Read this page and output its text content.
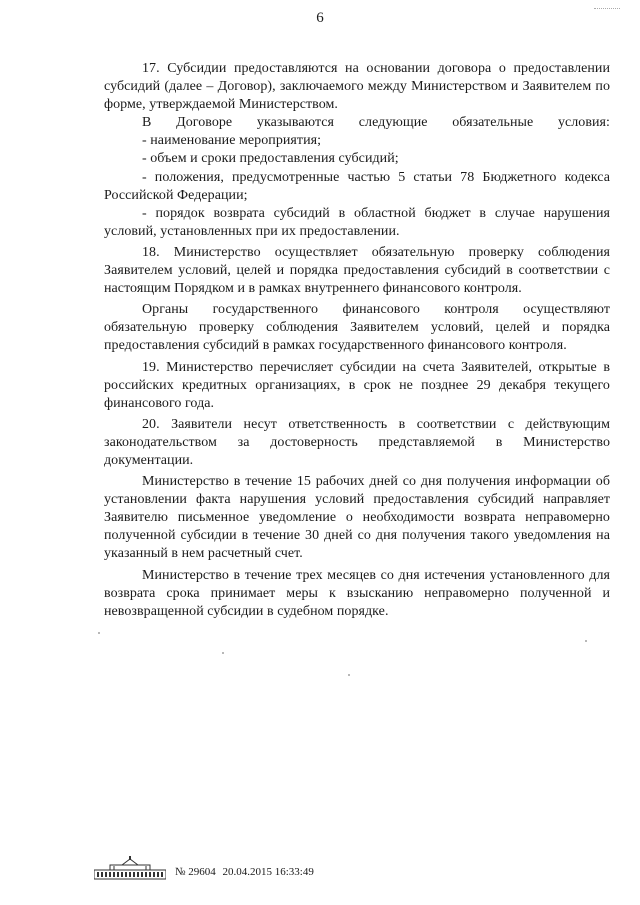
6

17. Субсидии предоставляются на основании договора о предоставлении субсидий (далее – Договор), заключаемого между Министерством и Заявителем по форме, утверждаемой Министерством.

В Договоре указываются следующие обязательные условия:

- наименование мероприятия;

- объем и сроки предоставления субсидий;

- положения, предусмотренные частью 5 статьи 78 Бюджетного кодекса Российской Федерации;

- порядок возврата субсидий в областной бюджет в случае нарушения условий, установленных при их предоставлении.

18. Министерство осуществляет обязательную проверку соблюдения Заявителем условий, целей и порядка предоставления субсидий в соответствии с настоящим Порядком и в рамках внутреннего финансового контроля.

Органы государственного финансового контроля осуществляют обязательную проверку соблюдения Заявителем условий, целей и порядка предоставления субсидий в рамках государственного финансового контроля.

19. Министерство перечисляет субсидии на счета Заявителей, открытые в российских кредитных организациях, в срок не позднее 29 декабря текущего финансового года.

20. Заявители несут ответственность в соответствии с действующим законодательством за достоверность представляемой в Министерство документации.

Министерство в течение 15 рабочих дней со дня получения информации об установлении факта нарушения условий предоставления субсидий направляет Заявителю письменное уведомление о необходимости возврата неправомерно полученной субсидии в течение 30 дней со дня получения такого уведомления на указанный в нем расчетный счет.

Министерство в течение трех месяцев со дня истечения установленного для возврата срока принимает меры к взысканию неправомерно полученной и невозвращенной субсидии в судебном порядке.

№ 29604 20.04.2015 16:33:49
